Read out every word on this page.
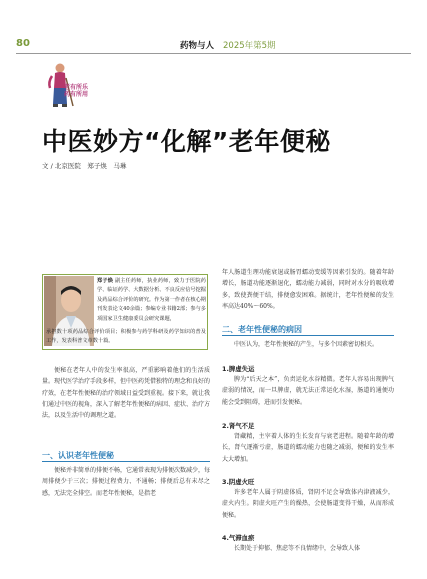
80	药物与人 2025年第5期
老有所乐
药有所用
中医妙方“化解”老年便秘
文 / 北京医院　郑子焕　马琳
郑子焕 副主任药师，执业药师，致力于医院药学、临证药学、大数据分析、不良反应信号挖掘及药品综合评价的研究。作为第一作者在核心期刊发表论文40余篇；参编专业书籍2部；参与多项国家卫生健康委员会研究课题，
承担数十项药品综合评价项目；积极参与药学科研及药学知识的普及工作，发表科普文章数十篇。
便秘在老年人中的发生率很高，严重影响着他们的生活质量。现代医学治疗手段多样，但中医药凭借独特的理念和良好的疗效，在老年性便秘的治疗领域日益受到重视。接下来，就让我们通过中医的视角，深入了解老年性便秘的病因、症状、治疗方法，以及生活中的调理之道。
一、认识老年性便秘
便秘并非简单的排便不畅，它通常表现为排便次数减少，每周排便少于三次；排便过程费力、不通畅；排便后总有未尽之感，无法完全排空。而老年性便秘，是指老
年人肠道生理功能衰退或肠胃蠕动变缓等因素引发的。随着年龄增长，肠道功能逐渐退化，蠕动能力减弱，同时对水分的吸收增多，致使粪便干结，排便愈发困难。据统计，老年性便秘的发生率高达40%～60%。
二、老年性便秘的病因
中医认为，老年性便秘的产生，与多个因素密切相关。
1.脾虚失运
脾为“后天之本”，负责运化水谷精微。老年人容易出现脾气虚弱的情况，而一旦脾虚，就无法正常运化水湿，肠道的通便功能会受到阻碍，进而引发便秘。
2.肾气不足
肾藏精，主宰着人体的生长发育与衰老进程。随着年龄的增长，肾气逐渐亏虚，肠道的蠕动能力也随之减弱，便秘的发生率大大增加。
3.阴虚火旺
许多老年人属于阴虚体质，肾阴不足会导致体内津液减少，虚火内生。阴虚火旺产生的燥热，会使肠道变得干燥，从而形成便秘。
4.气滞血瘀
长期处于抑郁、焦虑等不良情绪中，会导致人体
